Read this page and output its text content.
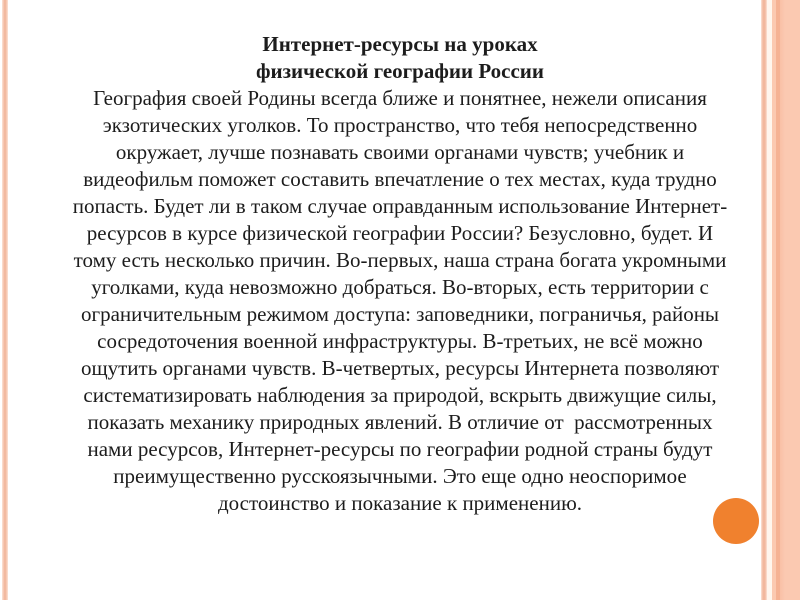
Интернет-ресурсы на уроках
физической географии России
География своей Родины всегда ближе и понятнее, нежели описания
экзотических уголков. То пространство, что тебя непосредственно
окружает, лучше познавать своими органами чувств; учебник и
видеофильм поможет составить впечатление о тех местах, куда трудно
попасть. Будет ли в таком случае оправданным использование Интернет-
ресурсов в курсе физической географии России? Безусловно, будет. И
тому есть несколько причин. Во-первых, наша страна богата укромными
уголками, куда невозможно добраться. Во-вторых, есть территории с
ограничительным режимом доступа: заповедники, пограничья, районы
сосредоточения военной инфраструктуры. В-третьих, не всё можно
ощутить органами чувств. В-четвертых, ресурсы Интернета позволяют
систематизировать наблюдения за природой, вскрыть движущие силы,
показать механику природных явлений. В отличие от  рассмотренных
нами ресурсов, Интернет-ресурсы по географии родной страны будут
преимущественно русскоязычными. Это еще одно неоспоримое
достоинство и показание к применению.
